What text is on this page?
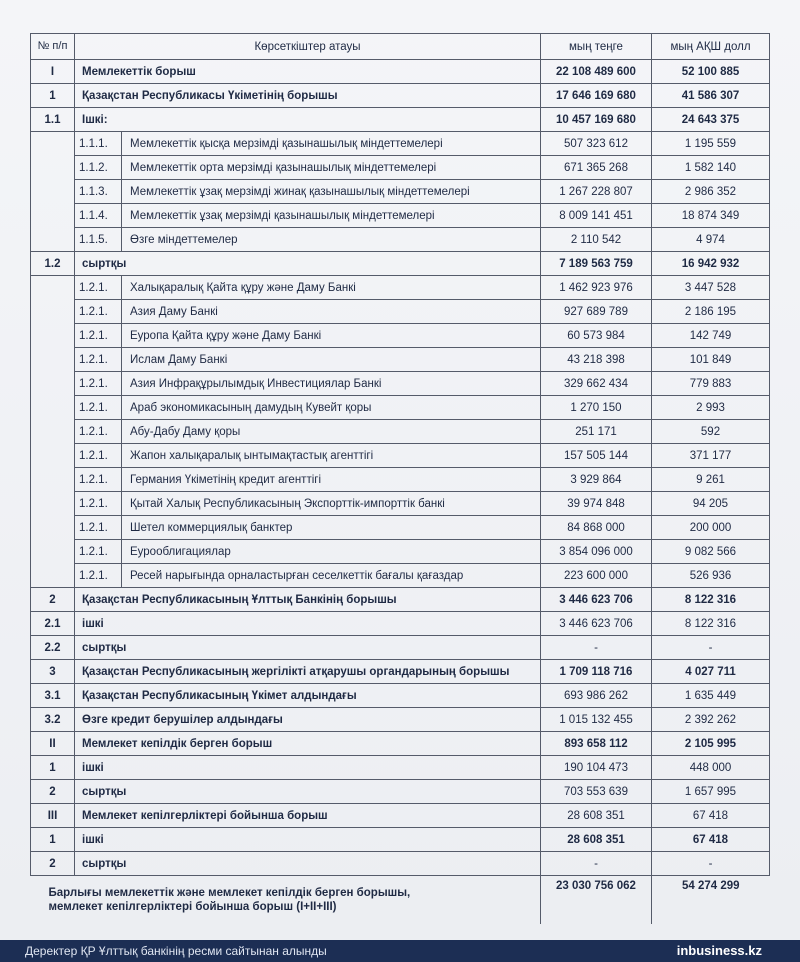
№ п/п	Көрсеткіштер атауы	мың теңге	мың АҚШ долл
I	Мемлекеттік борыш	22 108 489 600	52 100 885
1	Қазақстан Республикасы Үкіметінің борышы	17 646 169 680	41 586 307
1.1	Ішкі:	10 457 169 680	24 643 375

1.1.1. Мемлекеттік қысқа мерзімді қазынашылық міндеттемелері	507 323 612	1 195 559

1.1.2. Мемлекеттік орта мерзімді қазынашылық міндеттемелері	671 365 268	1 582 140

1.1.3. Мемлекеттік ұзақ мерзімді жинақ қазынашылық міндеттемелері	1 267 228 807	2 986 352

1.1.4. Мемлекеттік ұзақ мерзімді қазынашылық міндеттемелері	8 009 141 451	18 874 349

1.1.5. Өзге міндеттемелер	2 110 542	4 974
1.2	сыртқы	7 189 563 759	16 942 932

1.2.1. Халықаралық Қайта құру және Даму Банкі	1 462 923 976	3 447 528

1.2.1. Азия Даму Банкі	927 689 789	2 186 195

1.2.1. Еуропа Қайта құру және Даму Банкі	60 573 984	142 749

1.2.1. Ислам Даму Банкі	43 218 398	101 849

1.2.1. Азия Инфрақұрылымдық Инвестициялар Банкі	329 662 434	779 883

1.2.1. Араб экономикасының дамудың Кувейт қоры	1 270 150	2 993

1.2.1. Абу-Дабу Даму қоры	251 171	592

1.2.1. Жапон халықаралық ынтымақтастық агенттігі	157 505 144	371 177

1.2.1. Германия Үкіметінің кредит агенттігі	3 929 864	9 261

1.2.1. Қытай Халық Республикасының Экспорттік-импорттік банкі	39 974 848	94 205

1.2.1. Шетел коммерциялық банктер	84 868 000	200 000

1.2.1. Еурооблигациялар	3 854 096 000	9 082 566

1.2.1. Ресей нарығында орналастырған сеселкеттік бағалы қағаздар	223 600 000	526 936
2	Қазақстан Республикасының Ұлттық Банкінің борышы	3 446 623 706	8 122 316
2.1	ішкі	3 446 623 706	8 122 316
2.2	сыртқы	-	-
3	Қазақстан Республикасының жергілікті атқарушы органдарының борышы	1 709 118 716	4 027 711
3.1	Қазақстан Республикасының Үкімет алдындағы	693 986 262	1 635 449
3.2	Өзге кредит берушілер алдындағы	1 015 132 455	2 392 262
II	Мемлекет кепілдік берген борыш	893 658 112	2 105 995
1	ішкі	190 104 473	448 000
2	сыртқы	703 553 639	1 657 995
III	Мемлекет кепілгерліктері бойынша борыш	28 608 351	67 418
1	ішкі	28 608 351	67 418
2	сыртқы	-	-

Барлығы мемлекеттік және мемлекет кепілдік берген борышы,
мемлекет кепілгерліктері бойынша борыш (I+II+III)		23 030 756 062	54 274 299
Деректер ҚР Ұлттық банкінің ресми сайтынан алынды	inbusiness.kz
